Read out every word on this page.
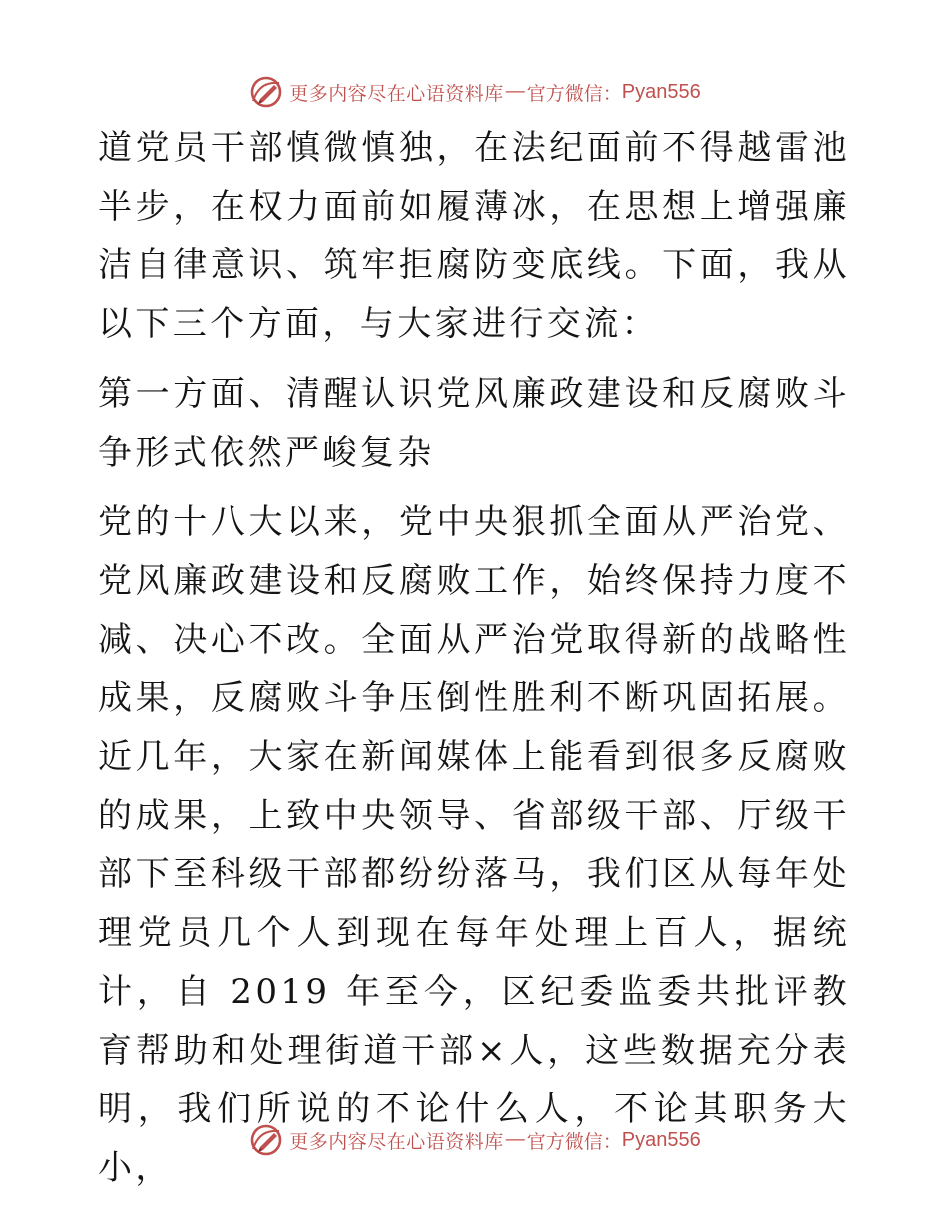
更多内容尽在心语资料库 — 官方微信： Pyan556

道党员干部慎微慎独，在法纪面前不得越雷池半步，在权力面前如履薄冰，在思想上增强廉洁自律意识、筑牢拒腐防变底线。下面，我从以下三个方面，与大家进行交流：

第一方面、清醒认识党风廉政建设和反腐败斗争形式依然严峻复杂

党的十八大以来，党中央狠抓全面从严治党、党风廉政建设和反腐败工作，始终保持力度不减、决心不改。全面从严治党取得新的战略性成果，反腐败斗争压倒性胜利不断巩固拓展。近几年，大家在新闻媒体上能看到很多反腐败的成果，上致中央领导、省部级干部、厅级干部下至科级干部都纷纷落马，我们区从每年处理党员几个人到现在每年处理上百人，据统计，自 2019 年至今，区纪委监委共批评教育帮助和处理街道干部×人，这些数据充分表明，我们所说的不论什么人，不论其职务大小，

更多内容尽在心语资料库 — 官方微信： Pyan556
